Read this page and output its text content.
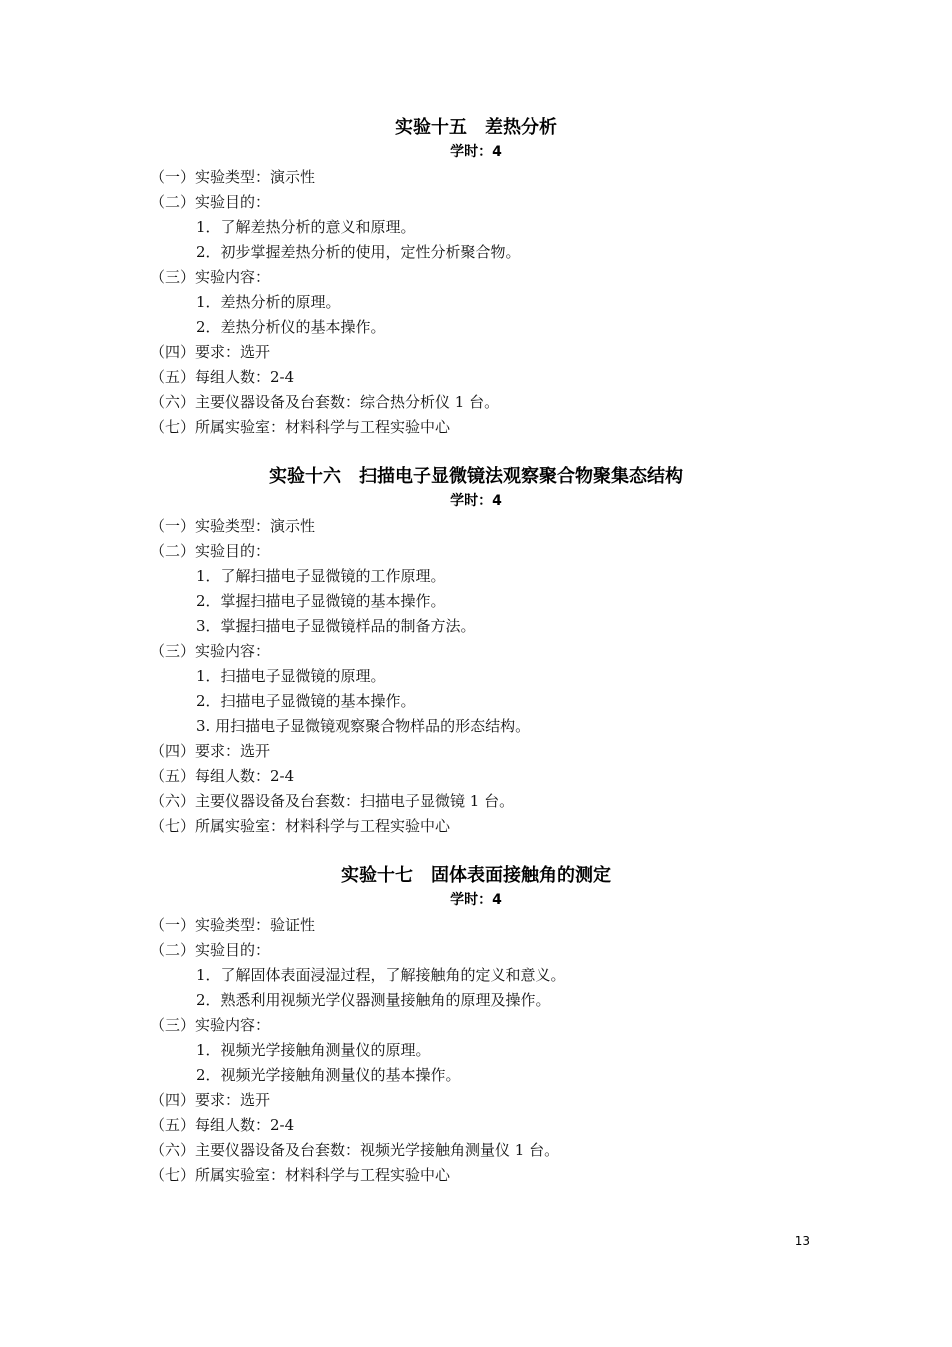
实验十五　差热分析
学时：4
（一）实验类型：演示性
（二）实验目的：
1．了解差热分析的意义和原理。
2．初步掌握差热分析的使用，定性分析聚合物。
（三）实验内容：
1．差热分析的原理。
2．差热分析仪的基本操作。
（四）要求：选开
（五）每组人数：2-4
（六）主要仪器设备及台套数：综合热分析仪 1 台。
（七）所属实验室：材料科学与工程实验中心
实验十六　扫描电子显微镜法观察聚合物聚集态结构
学时：4
（一）实验类型：演示性
（二）实验目的：
1．了解扫描电子显微镜的工作原理。
2．掌握扫描电子显微镜的基本操作。
3．掌握扫描电子显微镜样品的制备方法。
（三）实验内容：
1．扫描电子显微镜的原理。
2．扫描电子显微镜的基本操作。
3. 用扫描电子显微镜观察聚合物样品的形态结构。
（四）要求：选开
（五）每组人数：2-4
（六）主要仪器设备及台套数：扫描电子显微镜 1 台。
（七）所属实验室：材料科学与工程实验中心
实验十七　固体表面接触角的测定
学时：4
（一）实验类型：验证性
（二）实验目的：
1．了解固体表面浸湿过程，了解接触角的定义和意义。
2．熟悉利用视频光学仪器测量接触角的原理及操作。
（三）实验内容：
1．视频光学接触角测量仪的原理。
2．视频光学接触角测量仪的基本操作。
（四）要求：选开
（五）每组人数：2-4
（六）主要仪器设备及台套数：视频光学接触角测量仪 1 台。
（七）所属实验室：材料科学与工程实验中心
13
